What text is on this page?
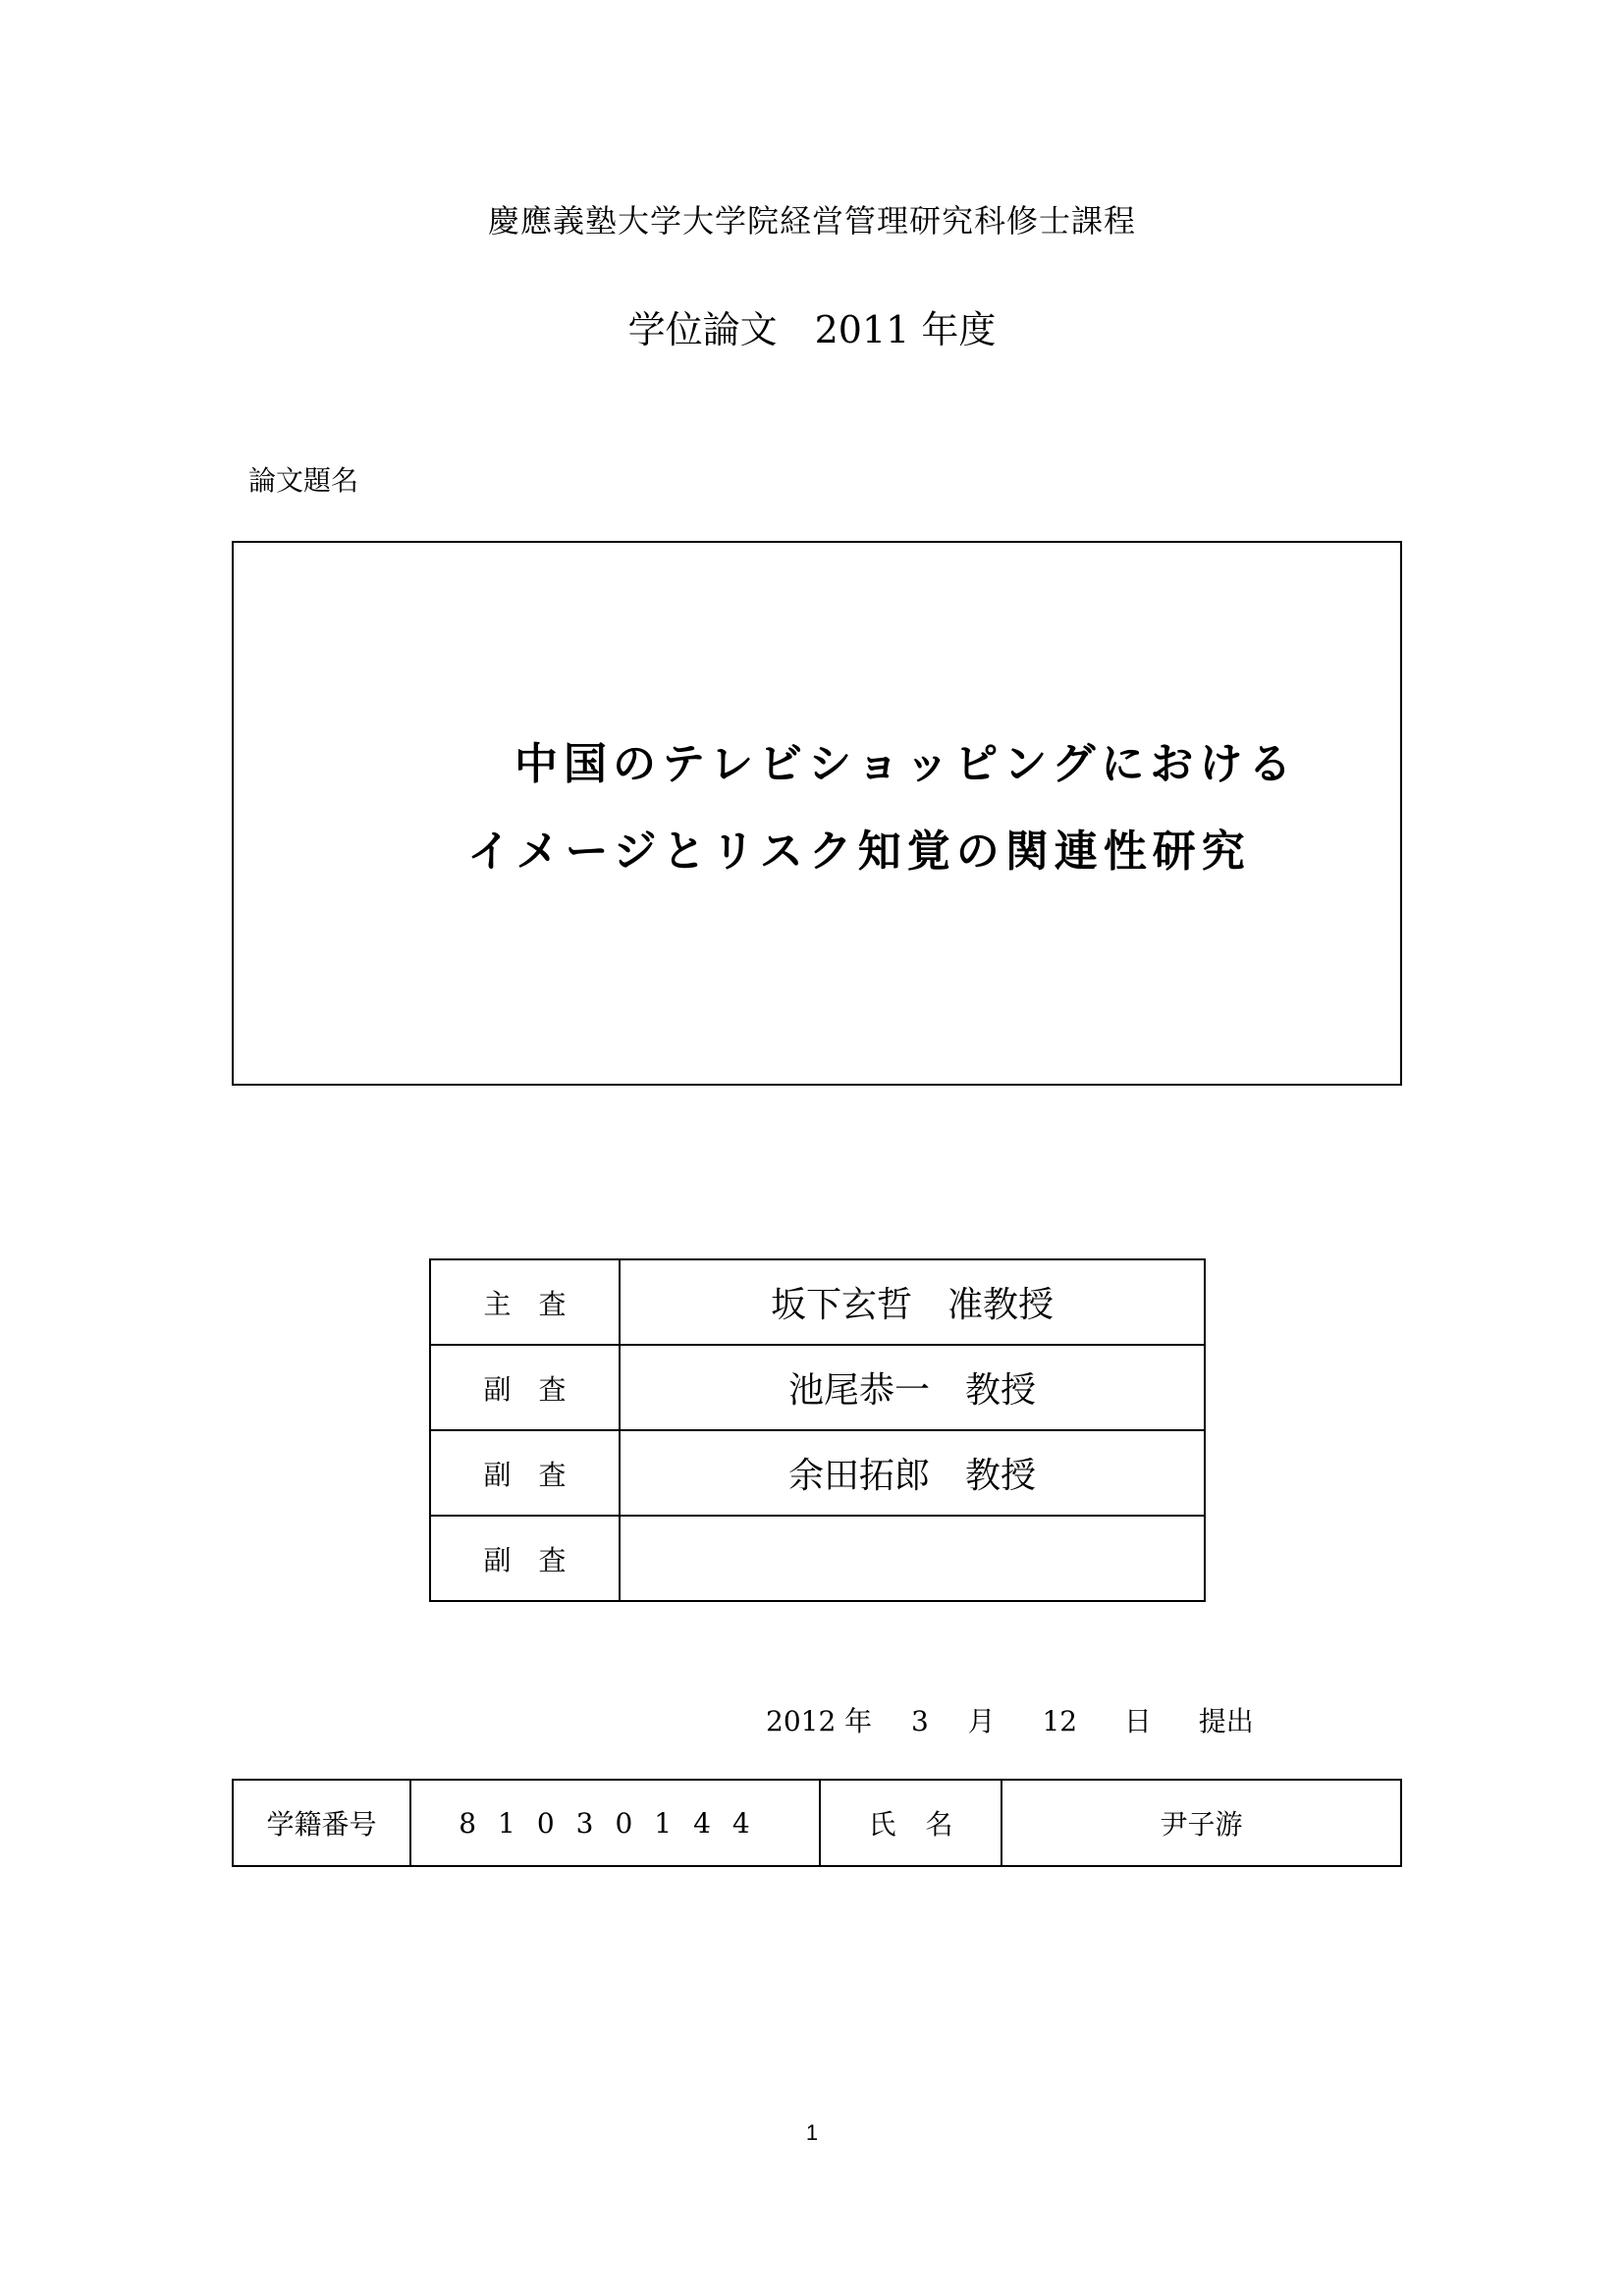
慶應義塾大学大学院経営管理研究科修士課程
学位論文　2011 年度
論文題名
中国のテレビショッピングにおける
イメージとリスク知覚の関連性研究
主査	坂下玄哲　准教授
副査	池尾恭一　教授
副査	余田拓郎　教授
副査	
2012 年 3 月 12 日 提出
学籍番号	81030144	氏名	尹子游
1
